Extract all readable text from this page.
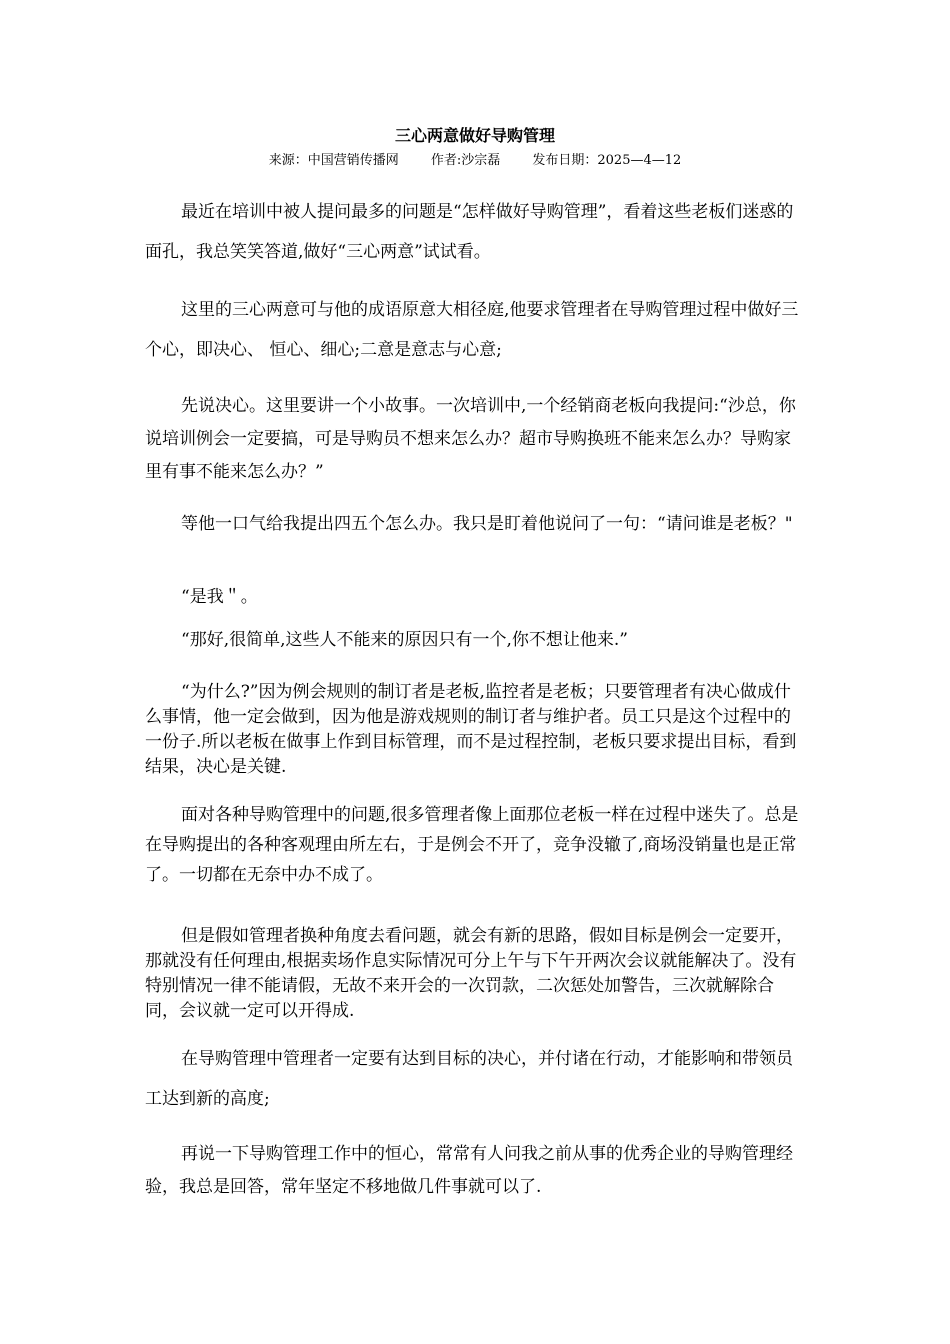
三心两意做好导购管理
来源：中国营销传播网 作者:沙宗磊 发布日期：2025—4—12

最近在培训中被人提问最多的问题是“怎样做好导购管理”，看着这些老板们迷惑的面孔，我总笑笑答道,做好“三心两意”试试看。

这里的三心两意可与他的成语原意大相径庭,他要求管理者在导购管理过程中做好三个心，即决心、 恒心、细心;二意是意志与心意;

先说决心。这里要讲一个小故事。一次培训中,一个经销商老板向我提问:“沙总，你说培训例会一定要搞，可是导购员不想来怎么办？超市导购换班不能来怎么办？导购家里有事不能来怎么办？”

等他一口气给我提出四五个怎么办。我只是盯着他说问了一句：“请问谁是老板？"

“是我＂。

“那好,很简单,这些人不能来的原因只有一个,你不想让他来.”

“为什么?”因为例会规则的制订者是老板,监控者是老板；只要管理者有决心做成什么事情，他一定会做到，因为他是游戏规则的制订者与维护者。员工只是这个过程中的一份子.所以老板在做事上作到目标管理，而不是过程控制，老板只要求提出目标，看到结果，决心是关键.

面对各种导购管理中的问题,很多管理者像上面那位老板一样在过程中迷失了。总是在导购提出的各种客观理由所左右，于是例会不开了，竞争没辙了,商场没销量也是正常了。一切都在无奈中办不成了。

但是假如管理者换种角度去看问题，就会有新的思路，假如目标是例会一定要开，那就没有任何理由,根据卖场作息实际情况可分上午与下午开两次会议就能解决了。没有特别情况一律不能请假，无故不来开会的一次罚款，二次惩处加警告，三次就解除合同，会议就一定可以开得成.

在导购管理中管理者一定要有达到目标的决心，并付诸在行动，才能影响和带领员工达到新的高度;

再说一下导购管理工作中的恒心，常常有人问我之前从事的优秀企业的导购管理经验，我总是回答，常年坚定不移地做几件事就可以了.
